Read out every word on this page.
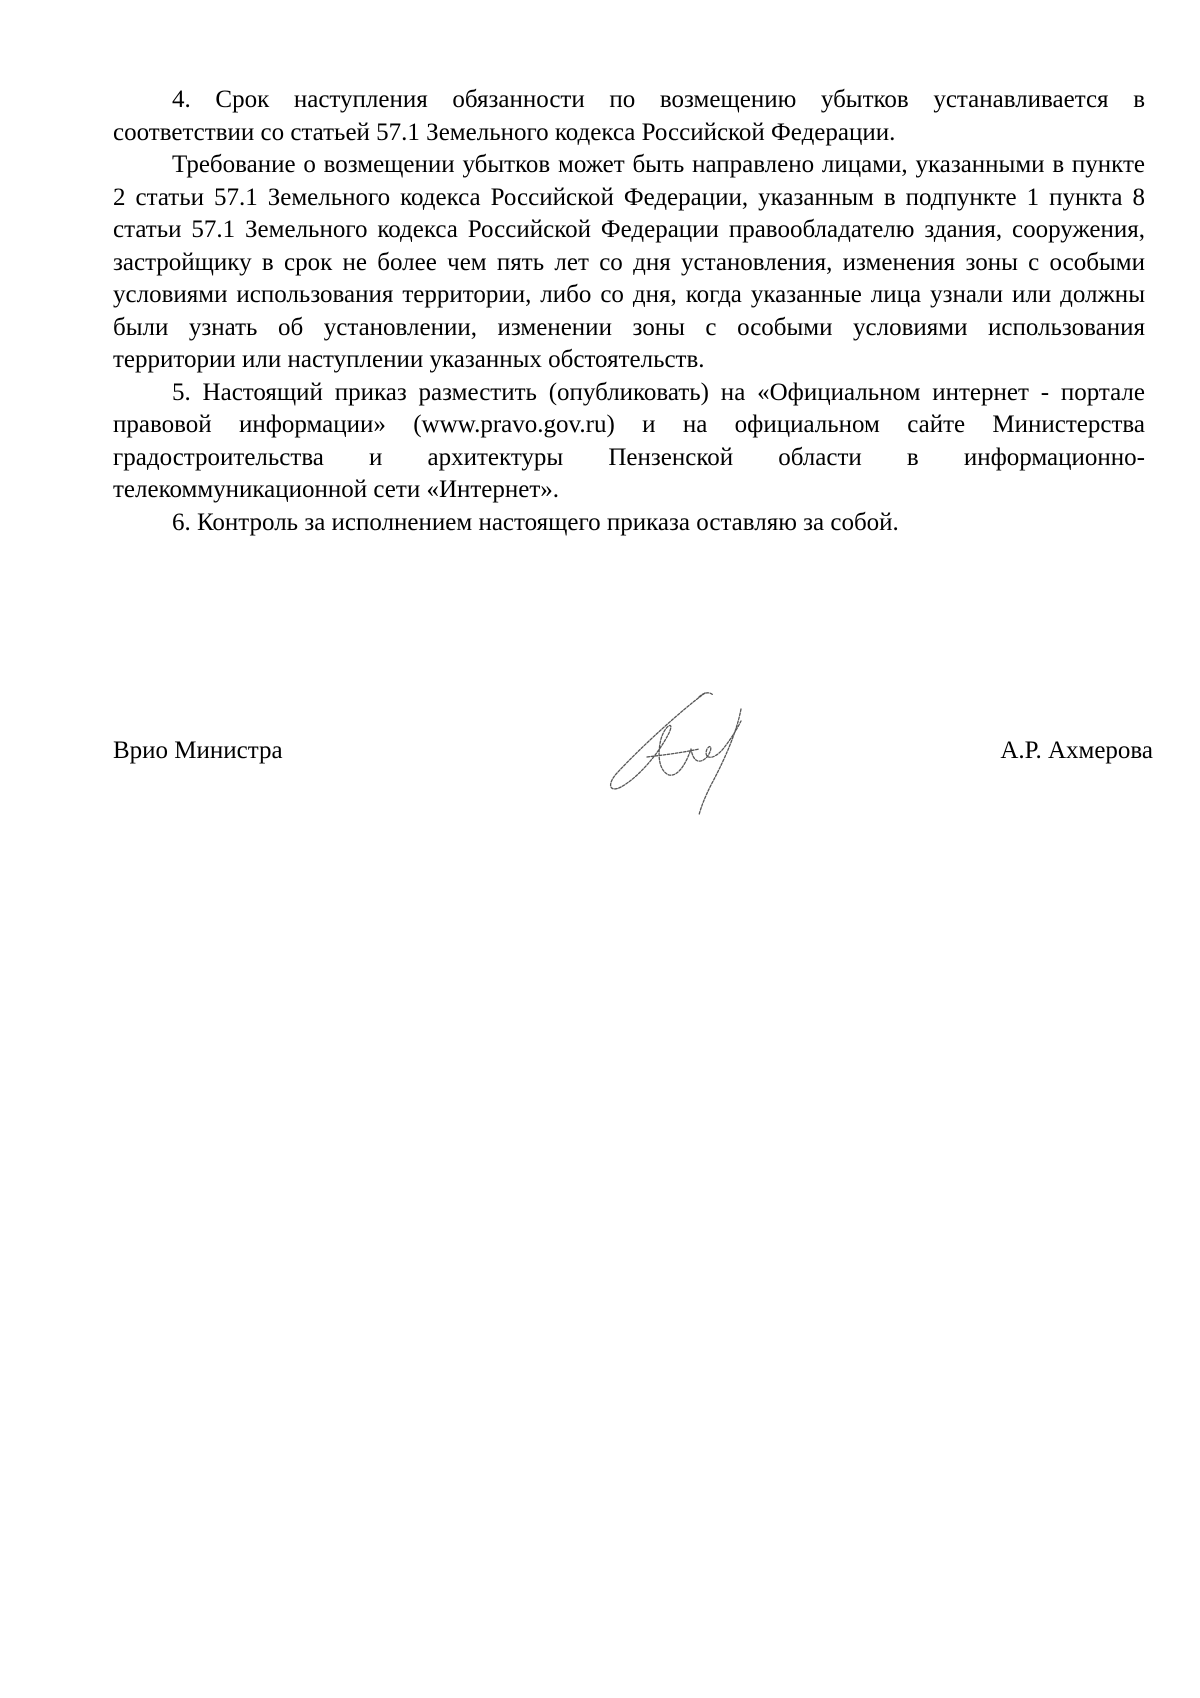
4. Срок наступления обязанности по возмещению убытков устанавливается в соответствии со статьей 57.1 Земельного кодекса Российской Федерации.

Требование о возмещении убытков может быть направлено лицами, указанными в пункте 2 статьи 57.1 Земельного кодекса Российской Федерации, указанным в подпункте 1 пункта 8 статьи 57.1 Земельного кодекса Российской Федерации правообладателю здания, сооружения, застройщику в срок не более чем пять лет со дня установления, изменения зоны с особыми условиями использования территории, либо со дня, когда указанные лица узнали или должны были узнать об установлении, изменении зоны с особыми условиями использования территории или наступлении указанных обстоятельств.

5. Настоящий приказ разместить (опубликовать) на «Официальном интернет - портале правовой информации» (www.pravo.gov.ru) и на официальном сайте Министерства градостроительства и архитектуры Пензенской области в информационно-телекоммуникационной сети «Интернет».

6. Контроль за исполнением настоящего приказа оставляю за собой.

Врио Министра	А.Р. Ахмерова
